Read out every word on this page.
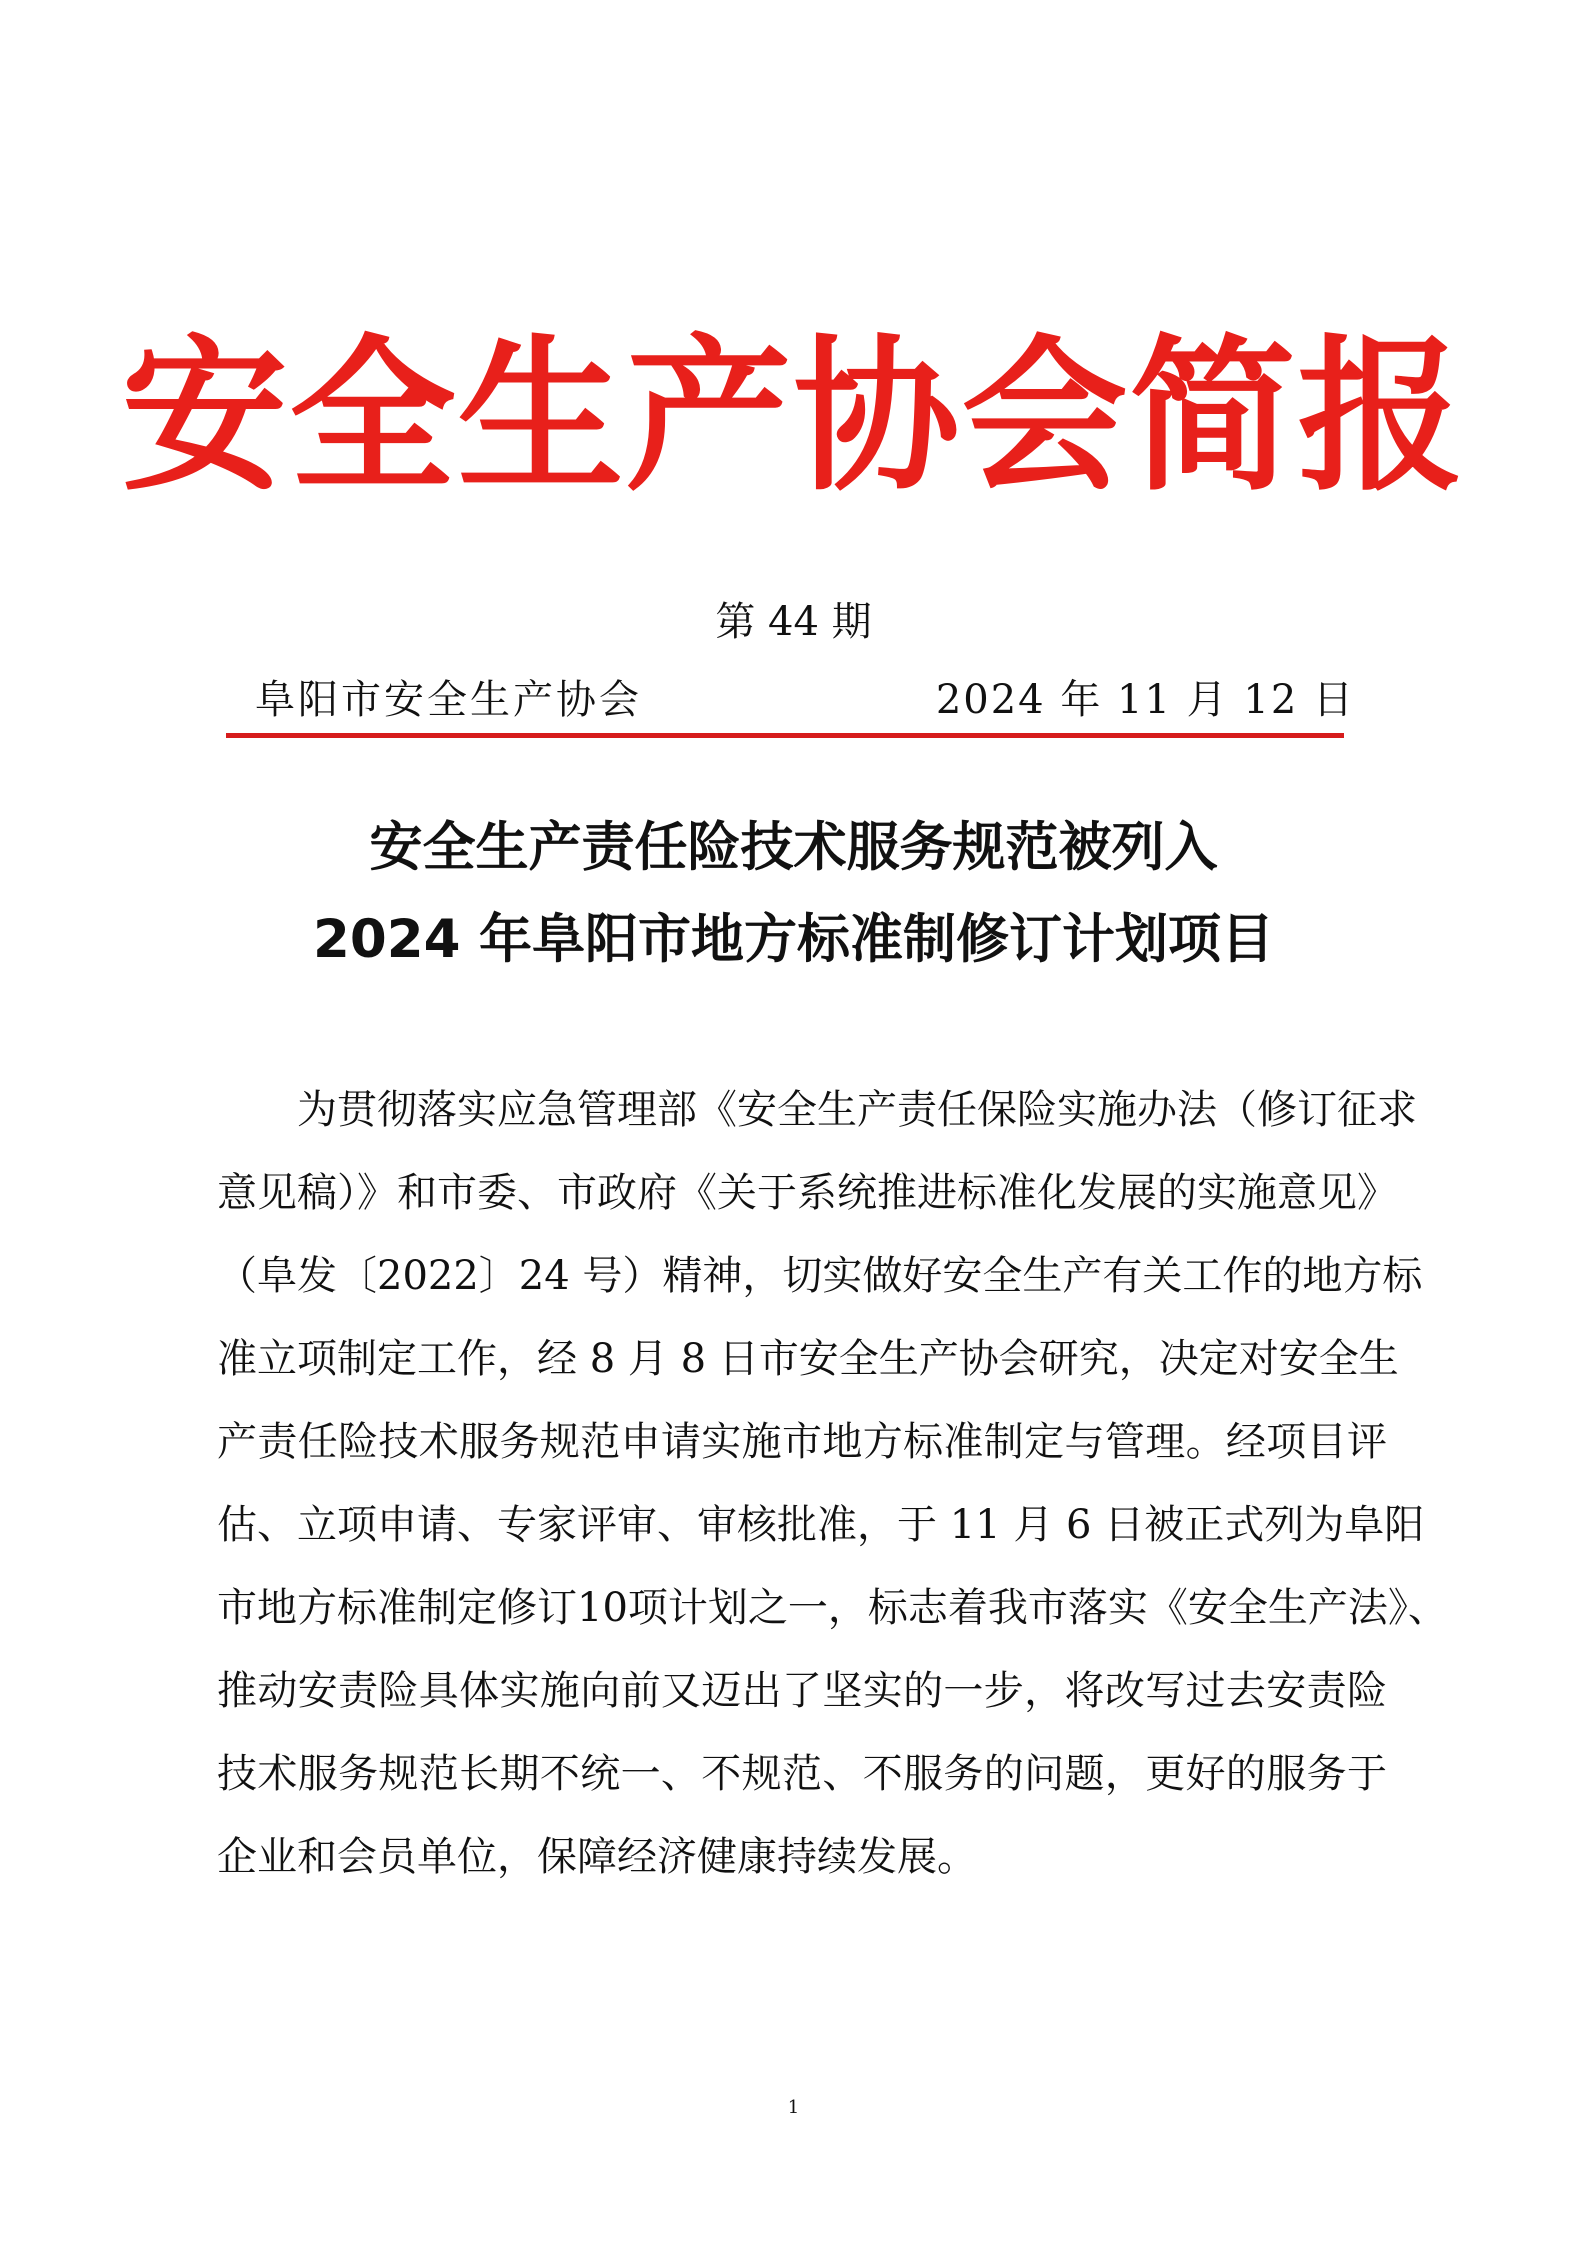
安全生产协会简报
第 44 期
阜阳市安全生产协会	2024 年 11 月 12 日
安全生产责任险技术服务规范被列入
2024 年阜阳市地方标准制修订计划项目
为贯彻落实应急管理部《安全生产责任保险实施办法（修订征求
意见稿）》和市委、市政府《关于系统推进标准化发展的实施意见》
（阜发〔2022〕24 号）精神，切实做好安全生产有关工作的地方标
准立项制定工作，经 8 月 8 日市安全生产协会研究，决定对安全生
产责任险技术服务规范申请实施市地方标准制定与管理。经项目评
估、立项申请、专家评审、审核批准，于 11 月 6 日被正式列为阜阳
市地方标准制定修订10项计划之一，标志着我市落实《安全生产法》、
推动安责险具体实施向前又迈出了坚实的一步，将改写过去安责险
技术服务规范长期不统一、不规范、不服务的问题，更好的服务于
企业和会员单位，保障经济健康持续发展。
1
